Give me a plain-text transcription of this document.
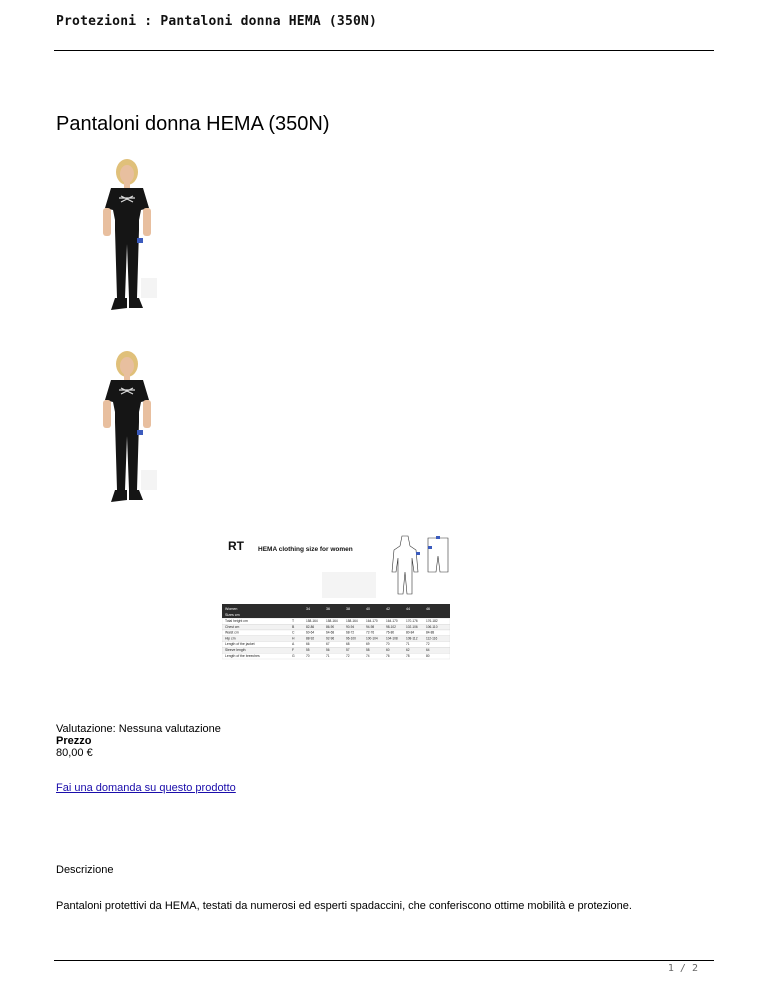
Protezioni : Pantaloni donna HEMA (350N)
Pantaloni donna HEMA (350N)
RT HEMA clothing size for women
Women
Sizes cm
34	36	38	40	42	44	46
Total height cm	T	158-164	158-164	158-164	164-170	164-170	170-176	176-182
Chest cm	B	82-86	86-90	90-94	94-98	98-102	102-106	106-110
Waist cm	C	60-64	64-68	68-72	72-76	76-80	80-84	84-88
Hip cm	H	88-92	92-96	96-100	100-104	104-108	108-112	112-116
Length of the jacket	A	66	67	68	69	70	71	72
Sleeve length	F	55	56	57	58	60	62	64
Length of the breeches	G	70	71	72	74	76	78	80
Valutazione: Nessuna valutazione
Prezzo
80,00 €
Fai una domanda su questo prodotto
Descrizione
Pantaloni protettivi da HEMA, testati da numerosi ed esperti spadaccini, che conferiscono ottime mobilità e protezione.
1 / 2
